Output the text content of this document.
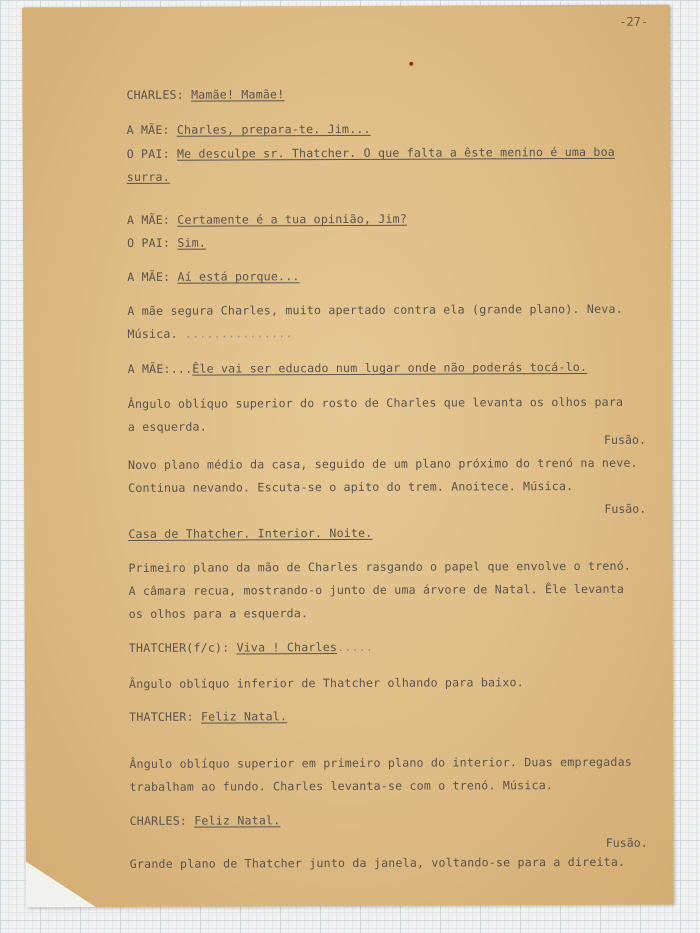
-27-
CHARLES: Mamãe! Mamãe!
A MÃE: Charles, prepara-te. Jim...
O PAI: Me desculpe sr. Thatcher. O que falta a êste menino é uma boa
surra.
A MÃE: Certamente é a tua opinião, Jim?
O PAI: Sim.
A MÃE: Aí está porque...
A mãe segura Charles, muito apertado contra ela (grande plano). Neva.
Música. ...............
A MÃE:...Êle vai ser educado num lugar onde não poderás tocá-lo.
Ângulo oblíquo superior do rosto de Charles que levanta os olhos para
a esquerda.
Fusão.
Novo plano médio da casa, seguido de um plano próximo do trenó na neve.
Continua nevando. Escuta-se o apito do trem. Anoitece. Música.
Fusão.
Casa de Thatcher. Interior. Noite.
Primeiro plano da mão de Charles rasgando o papel que envolve o trenó.
A câmara recua, mostrando-o junto de uma árvore de Natal. Êle levanta
os olhos para a esquerda.
THATCHER(f/c): Viva ! Charles.....
Ângulo oblíquo inferior de Thatcher olhando para baixo.
THATCHER: Feliz Natal.
Ângulo oblíquo superior em primeiro plano do interior. Duas empregadas
trabalham ao fundo. Charles levanta-se com o trenó. Música.
CHARLES: Feliz Natal.
Fusão.
Grande plano de Thatcher junto da janela, voltando-se para a direita.
